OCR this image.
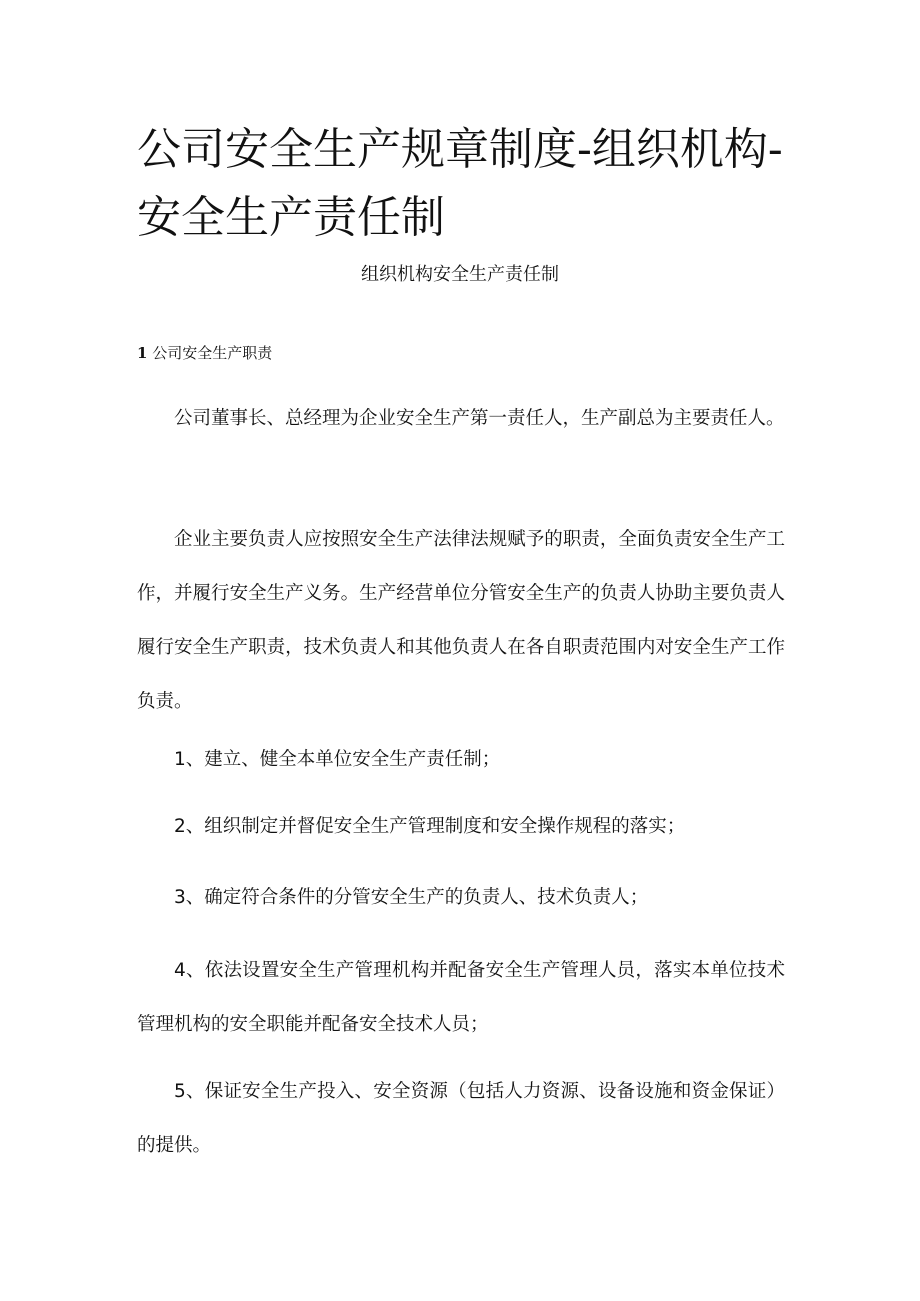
公司安全生产规章制度-组织机构-安全生产责任制
组织机构安全生产责任制
1 公司安全生产职责

公司董事长、总经理为企业安全生产第一责任人，生产副总为主要责任人。

企业主要负责人应按照安全生产法律法规赋予的职责，全面负责安全生产工作，并履行安全生产义务。生产经营单位分管安全生产的负责人协助主要负责人履行安全生产职责，技术负责人和其他负责人在各自职责范围内对安全生产工作负责。

1、建立、健全本单位安全生产责任制；

2、组织制定并督促安全生产管理制度和安全操作规程的落实；

3、确定符合条件的分管安全生产的负责人、技术负责人；

4、依法设置安全生产管理机构并配备安全生产管理人员，落实本单位技术管理机构的安全职能并配备安全技术人员；

5、保证安全生产投入、安全资源（包括人力资源、设备设施和资金保证）的提供。
